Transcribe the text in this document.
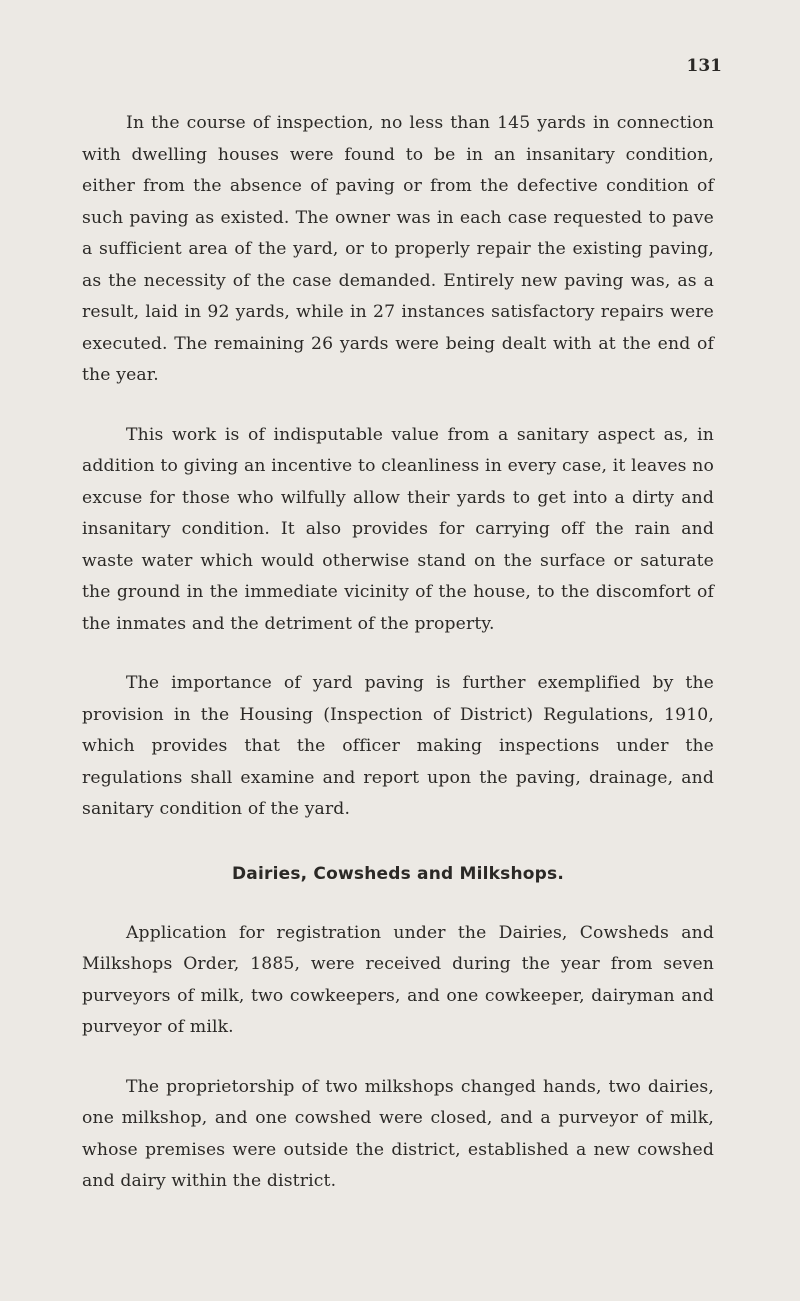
131

In the course of inspection, no less than 145 yards in connection with dwelling houses were found to be in an insanitary condition, either from the absence of paving or from the defective condition of such paving as existed. The owner was in each case requested to pave a sufficient area of the yard, or to properly repair the existing paving, as the necessity of the case demanded. Entirely new paving was, as a result, laid in 92 yards, while in 27 instances satisfactory repairs were executed. The remaining 26 yards were being dealt with at the end of the year.

This work is of indisputable value from a sanitary aspect as, in addition to giving an incentive to cleanliness in every case, it leaves no excuse for those who wilfully allow their yards to get into a dirty and insanitary condition. It also provides for carrying off the rain and waste water which would otherwise stand on the surface or saturate the ground in the immediate vicinity of the house, to the discomfort of the inmates and the detriment of the property.

The importance of yard paving is further exemplified by the provision in the Housing (Inspection of District) Regulations, 1910, which provides that the officer making inspections under the regulations shall examine and report upon the paving, drainage, and sanitary condition of the yard.

Dairies, Cowsheds and Milkshops.

Application for registration under the Dairies, Cowsheds and Milkshops Order, 1885, were received during the year from seven purveyors of milk, two cowkeepers, and one cowkeeper, dairyman and purveyor of milk.

The proprietorship of two milkshops changed hands, two dairies, one milkshop, and one cowshed were closed, and a purveyor of milk, whose premises were outside the district, established a new cowshed and dairy within the district.
